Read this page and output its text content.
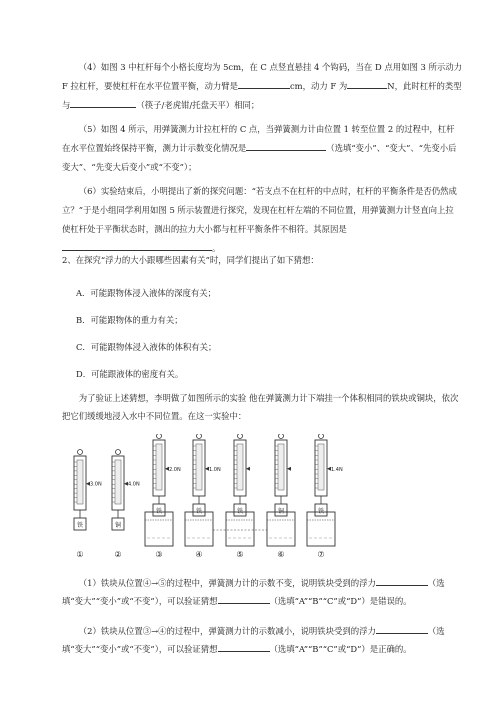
（4）如图 3 中杠杆每个小格长度均为 5cm，在 C 点竖直悬挂 4 个钩码，当在 D 点用如图 3 所示动力 F 拉杠杆，要使杠杆在水平位置平衡，动力臂是	cm，动力 F 为	N，此时杠杆的类型与	（筷子/老虎钳/托盘天平）相同；

（5）如图 4 所示，用弹簧测力计拉杠杆的 C 点，当弹簧测力计由位置 1 转至位置 2 的过程中，杠杆在水平位置始终保持平衡，测力计示数变化情况是	（选填“变小”、“变大”、“先变小后变大”、“先变大后变小”或“不变”）；

（6）实验结束后，小明提出了新的探究问题：“若支点不在杠杆的中点时，杠杆的平衡条件是否仍然成立？”于是小组同学利用如图 5 所示装置进行探究，发现在杠杆左端的不同位置，用弹簧测力计竖直向上拉使杠杆处于平衡状态时，测出的拉力大小都与杠杆平衡条件不相符。其原因是。

2、在探究“浮力的大小跟哪些因素有关”时，同学们提出了如下猜想：
A．可能跟物体浸入液体的深度有关；
B．可能跟物体的重力有关；
C．可能跟物体浸入液体的体积有关；
D．可能跟液体的密度有关。

为了验证上述猜想，李明做了如图所示的实验 他在弹簧测力计下端挂一个体积相同的铁块或铜块，依次把它们缓缓地浸入水中不同位置。在这一实验中：

3.0N
铁
①
4.0N
铜
②
2.0N
铁
③
1.0N
铁
④
铁
⑤
铜
⑥
1.4N
铁
⑦

（1）铁块从位置④→⑤的过程中，弹簧测力计的示数不变，说明铁块受到的浮力	（选填“变大”“变小”或“不变”），可以验证猜想	（选填“A”“B”“C”或“D”）是错误的。

（2）铁块从位置③→④的过程中，弹簧测力计的示数减小，说明铁块受到的浮力	（选填“变大”“变小”或“不变”），可以验证猜想	（选填“A”“B”“C”或“D”）是正确的。
